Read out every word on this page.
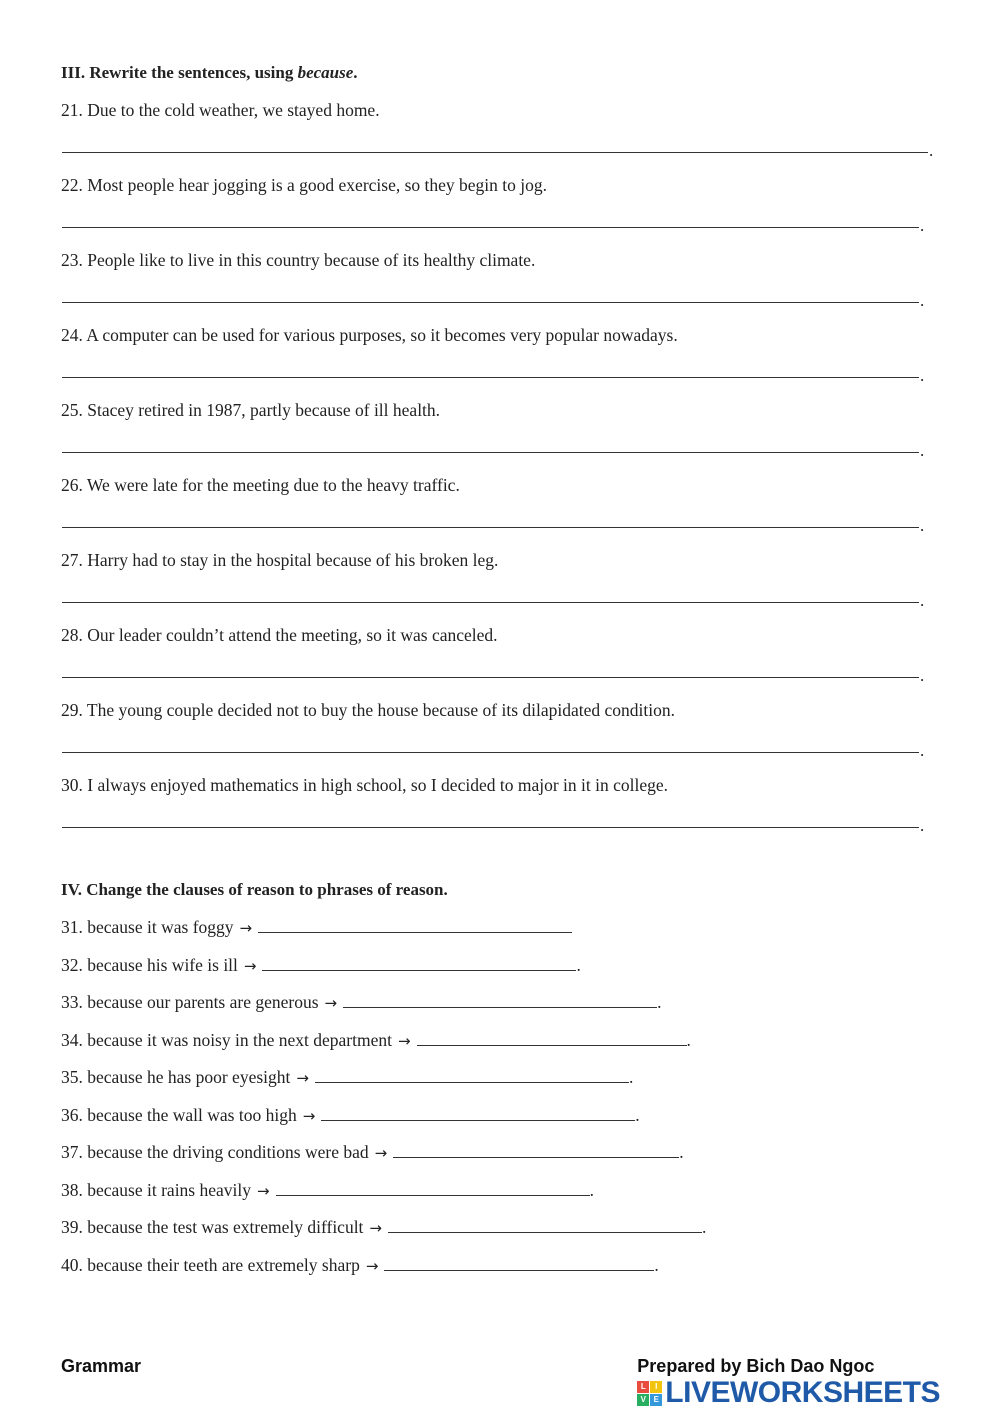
III. Rewrite the sentences, using because.
21. Due to the cold weather, we stayed home.
.
22. Most people hear jogging is a good exercise, so they begin to jog.
.
23. People like to live in this country because of its healthy climate.
.
24. A computer can be used for various purposes, so it becomes very popular nowadays.
.
25. Stacey retired in 1987, partly because of ill health.
.
26. We were late for the meeting due to the heavy traffic.
.
27. Harry had to stay in the hospital because of his broken leg.
.
28. Our leader couldn’t attend the meeting, so it was canceled.
.
29. The young couple decided not to buy the house because of its dilapidated condition.
.
30. I always enjoyed mathematics in high school, so I decided to major in it in college.
.
IV. Change the clauses of reason to phrases of reason.
31. because it was foggy →
32. because his wife is ill →	.
33. because our parents are generous →	.
34. because it was noisy in the next department →	.
35. because he has poor eyesight →	.
36. because the wall was too high →	.
37. because the driving conditions were bad →	.
38. because it rains heavily →	.
39. because the test was extremely difficult →	.
40. because their teeth are extremely sharp →	.
Grammar	Prepared by Bich Dao Ngoc
L	I
V E LIVEWORKSHEETS
